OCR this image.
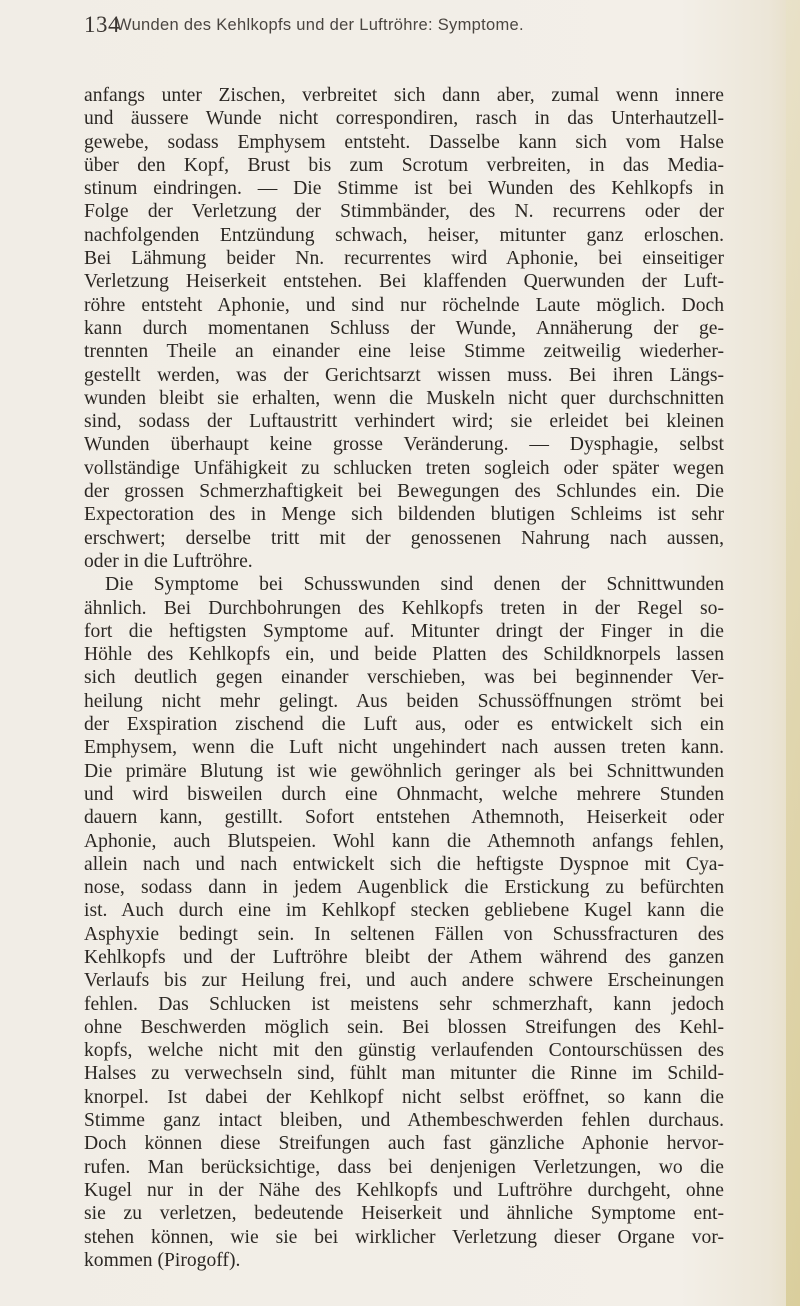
134
Wunden des Kehlkopfs und der Luftröhre: Symptome.
anfangs unter Zischen, verbreitet sich dann aber, zumal wenn innere
und äussere Wunde nicht correspondiren, rasch in das Unterhautzell-
gewebe, sodass Emphysem entsteht. Dasselbe kann sich vom Halse
über den Kopf, Brust bis zum Scrotum verbreiten, in das Media-
stinum eindringen. — Die Stimme ist bei Wunden des Kehlkopfs in
Folge der Verletzung der Stimmbänder, des N. recurrens oder der
nachfolgenden Entzündung schwach, heiser, mitunter ganz erloschen.
Bei Lähmung beider Nn. recurrentes wird Aphonie, bei einseitiger
Verletzung Heiserkeit entstehen. Bei klaffenden Querwunden der Luft-
röhre entsteht Aphonie, und sind nur röchelnde Laute möglich. Doch
kann durch momentanen Schluss der Wunde, Annäherung der ge-
trennten Theile an einander eine leise Stimme zeitweilig wiederher-
gestellt werden, was der Gerichtsarzt wissen muss. Bei ihren Längs-
wunden bleibt sie erhalten, wenn die Muskeln nicht quer durchschnitten
sind, sodass der Luftaustritt verhindert wird; sie erleidet bei kleinen
Wunden überhaupt keine grosse Veränderung. — Dysphagie, selbst
vollständige Unfähigkeit zu schlucken treten sogleich oder später wegen
der grossen Schmerzhaftigkeit bei Bewegungen des Schlundes ein. Die
Expectoration des in Menge sich bildenden blutigen Schleims ist sehr
erschwert; derselbe tritt mit der genossenen Nahrung nach aussen,
oder in die Luftröhre.
Die Symptome bei Schusswunden sind denen der Schnittwunden
ähnlich. Bei Durchbohrungen des Kehlkopfs treten in der Regel so-
fort die heftigsten Symptome auf. Mitunter dringt der Finger in die
Höhle des Kehlkopfs ein, und beide Platten des Schildknorpels lassen
sich deutlich gegen einander verschieben, was bei beginnender Ver-
heilung nicht mehr gelingt. Aus beiden Schussöffnungen strömt bei
der Exspiration zischend die Luft aus, oder es entwickelt sich ein
Emphysem, wenn die Luft nicht ungehindert nach aussen treten kann.
Die primäre Blutung ist wie gewöhnlich geringer als bei Schnittwunden
und wird bisweilen durch eine Ohnmacht, welche mehrere Stunden
dauern kann, gestillt. Sofort entstehen Athemnoth, Heiserkeit oder
Aphonie, auch Blutspeien. Wohl kann die Athemnoth anfangs fehlen,
allein nach und nach entwickelt sich die heftigste Dyspnoe mit Cya-
nose, sodass dann in jedem Augenblick die Erstickung zu befürchten
ist. Auch durch eine im Kehlkopf stecken gebliebene Kugel kann die
Asphyxie bedingt sein. In seltenen Fällen von Schussfracturen des
Kehlkopfs und der Luftröhre bleibt der Athem während des ganzen
Verlaufs bis zur Heilung frei, und auch andere schwere Erscheinungen
fehlen. Das Schlucken ist meistens sehr schmerzhaft, kann jedoch
ohne Beschwerden möglich sein. Bei blossen Streifungen des Kehl-
kopfs, welche nicht mit den günstig verlaufenden Contourschüssen des
Halses zu verwechseln sind, fühlt man mitunter die Rinne im Schild-
knorpel. Ist dabei der Kehlkopf nicht selbst eröffnet, so kann die
Stimme ganz intact bleiben, und Athembeschwerden fehlen durchaus.
Doch können diese Streifungen auch fast gänzliche Aphonie hervor-
rufen. Man berücksichtige, dass bei denjenigen Verletzungen, wo die
Kugel nur in der Nähe des Kehlkopfs und Luftröhre durchgeht, ohne
sie zu verletzen, bedeutende Heiserkeit und ähnliche Symptome ent-
stehen können, wie sie bei wirklicher Verletzung dieser Organe vor-
kommen (Pirogoff).
